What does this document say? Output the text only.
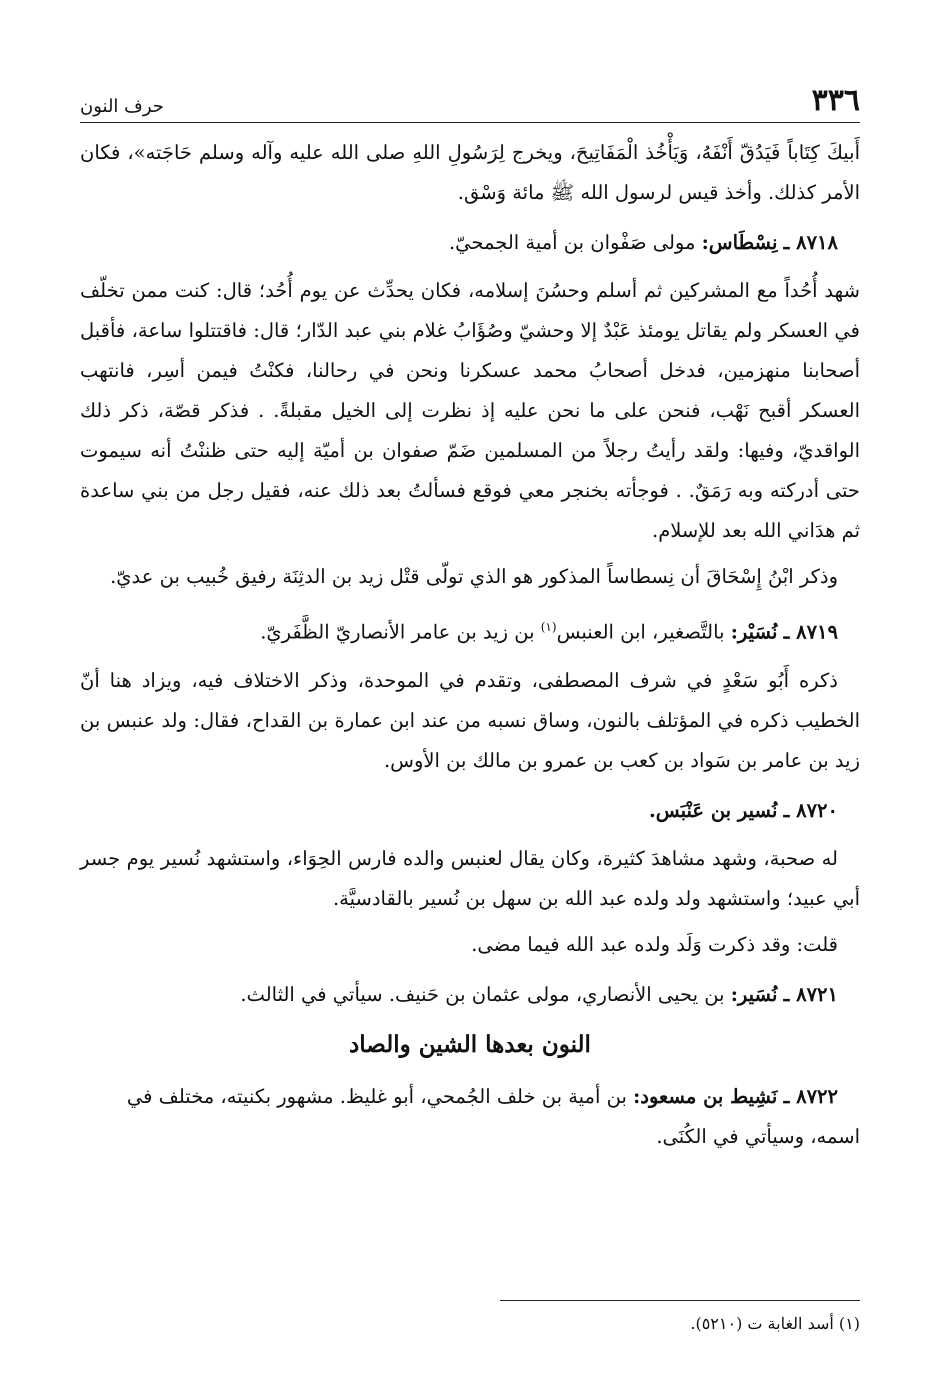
٣٣٦
حرف النون

أَبيكَ كِتَاباً فَيَدُقّ أَنْفَهُ، وَيَأْخُذ الْمَفَاتِيحَ، ويخرج لِرَسُولِ اللهِ صلى الله عليه وآله وسلم حَاجَته»، فكان الأمر كذلك. وأخذ قيس لرسول الله ﷺ مائة وَسْق.

٨٧١٨ ـ نِسْطَاس: مولى صَفْوان بن أمية الجمحيّ.

شهد أُحُداً مع المشركين ثم أسلم وحسُنَ إسلامه، فكان يحدِّث عن يوم أُحُد؛ قال: كنت ممن تخلّف في العسكر ولم يقاتل يومئذ عَبْدٌ إلا وحشيّ وصُؤَابُ غلام بني عبد الدّار؛ قال: فاقتتلوا ساعة، فأقبل أصحابنا منهزمين، فدخل أصحابُ محمد عسكرنا ونحن في رحالنا، فكنْتُ فيمن أسِر، فانتهب العسكر أقبح نَهْب، فنحن على ما نحن عليه إذ نظرت إلى الخيل مقبلةً. . فذكر قصّة، ذكر ذلك الواقديّ، وفيها: ولقد رأيتُ رجلاً من المسلمين ضَمّ صفوان بن أميّة إليه حتى ظننْتُ أنه سيموت حتى أدركته وبه رَمَقٌ. . فوجأته بخنجر معي فوقع فسألتُ بعد ذلك عنه، فقيل رجل من بني ساعدة ثم هدَاني الله بعد للإسلام.

وذكر ابْنُ إِسْحَاقَ أن نِسطاساً المذكور هو الذي تولّى قتْل زيد بن الدثِنَة رفيق خُبيب بن عديّ.

٨٧١٩ ـ نُسَيْر: بالتَّصغير، ابن العنبس$^{(١)}$ بن زيد بن عامر الأنصاريّ الظَّفَريّ.

ذكره أَبُو سَعْدٍ في شرف المصطفى، وتقدم في الموحدة، وذكر الاختلاف فيه، ويزاد هنا أنّ الخطيب ذكره في المؤتلف بالنون، وساق نسبه من عند ابن عمارة بن القداح، فقال: ولد عنبس بن زيد بن عامر بن سَواد بن كعب بن عمرو بن مالك بن الأوس.

٨٧٢٠ ـ نُسير بن عَنْبَس.

له صحبة، وشهد مشاهدَ كثيرة، وكان يقال لعنبس والده فارس الحِوَاء، واستشهد نُسير يوم جسر أبي عبيد؛ واستشهد ولد ولده عبد الله بن سهل بن نُسير بالقادسيَّة.

قلت: وقد ذكرت وَلَد ولده عبد الله فيما مضى.

٨٧٢١ ـ نُسَير: بن يحيى الأنصاري، مولى عثمان بن حَنيف. سيأتي في الثالث.

النون بعدها الشين والصاد

٨٧٢٢ ـ نَشِيط بن مسعود: بن أمية بن خلف الجُمحي، أبو غليظ. مشهور بكنيته، مختلف في اسمه، وسيأتي في الكُنَى.

(١) أسد الغابة ت (٥٢١٠).
